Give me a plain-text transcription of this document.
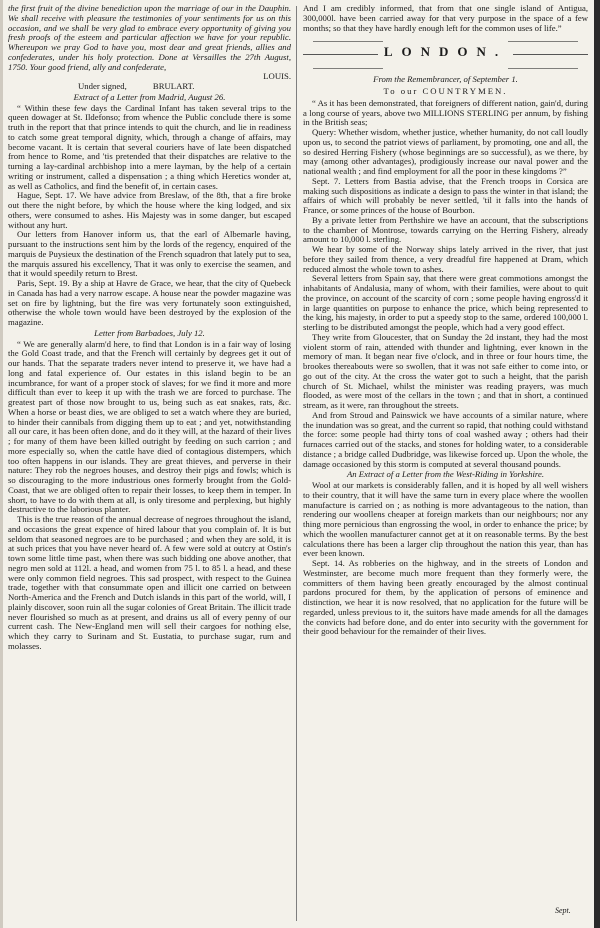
the first fruit of the divine benediction upon the marriage of our in the Dauphin. We shall receive with pleasure the testimonies of your sentiments for us on this occasion, and we shall be very glad to embrace every opportunity of giving you fresh proofs of the esteem and particular affection we have for your republic. Whereupon we pray God to have you, most dear and great friends, allies and confederates, under his holy protection. Done at Versailles the 27th August, 1750. Your good friend, ally and confederate,

LOUIS.

Under signed,	BRULART.

Extract of a Letter from Madrid, August 26.

“ Within these few days the Cardinal Infant has taken several trips to the queen dowager at St. Ildefonso; from whence the Public conclude there is some truth in the report that that prince intends to quit the church, and lie in readiness to catch some great temporal dignity, which, through a change of affairs, may become vacant. It is certain that several couriers have of late been dispatched from hence to Rome, and 'tis pretended that their dispatches are relative to the turning a lay-cardinal archbishop into a mere layman, by the help of a certain writing or instrument, called a dispensation ; a thing which Heretics wonder at, as well as Catholics, and find the benefit of, in certain cases.

Hague, Sept. 17. We have advice from Breslaw, of the 8th, that a fire broke out there the night before, by which the house where the king lodged, and six others, were consumed to ashes. His Majesty was in some danger, but escaped without any hurt.

Our letters from Hanover inform us, that the earl of Albemarle having, pursuant to the instructions sent him by the lords of the regency, enquired of the marquis de Puysieux the destination of the French squadron that lately put to sea, the marquis assured his excellency, That it was only to exercise the seamen, and that it would speedily return to Brest.

Paris, Sept. 19. By a ship at Havre de Grace, we hear, that the city of Quebeck in Canada has had a very narrow escape. A house near the powder magazine was set on fire by lightning, but the fire was very fortunately soon extinguished, otherwise the whole town would have been destroyed by the explosion of the magazine.

Letter from Barbadoes, July 12.

“ We are generally alarm'd here, to find that London is in a fair way of losing the Gold Coast trade, and that the French will certainly by degrees get it out of our hands. That the separate traders never intend to preserve it, we have had a long and fatal experience of. Our estates in this island begin to be an incumbrance, for want of a proper stock of slaves; for we find it more and more difficult than ever to keep it up with the trash we are forced to purchase. The greatest part of those now brought to us, being such as eat snakes, rats, &c. When a horse or beast dies, we are obliged to set a watch where they are buried, to hinder their cannibals from digging them up to eat ; and yet, notwithstanding all our care, it has been often done, and do it they will, at the hazard of their lives ; for many of them have been killed outright by feeding on such carrion ; and more especially so, when the cattle have died of contagious distempers, which too often happens in our islands. They are great thieves, and perverse in their nature: They rob the negroes houses, and destroy their pigs and fowls; which is so discouraging to the more industrious ones formerly brought from the Gold-Coast, that we are obliged often to repair their losses, to keep them in temper. In short, to have to do with them at all, is only tiresome and perplexing, but highly destructive to the laborious planter.

This is the true reason of the annual decrease of negroes throughout the island, and occasions the great expence of hired labour that you complain of. It is but seldom that seasoned negroes are to be purchased ; and when they are sold, it is at such prices that you have never heard of. A few were sold at outcry at Ostin's town some little time past, when there was such bidding one above another, that negro men sold at 112l. a head, and women from 75 l. to 85 l. a head, and these were only common field negroes. This sad prospect, with respect to the Guinea trade, together with that consummate open and illicit one carried on between North-America and the French and Dutch islands in this part of the world, will, I plainly discover, soon ruin all the sugar colonies of Great Britain. The illicit trade never flourished so much as at present, and drains us all of every penny of our current cash. The New-England men will sell their cargoes for nothing else, which they carry to Surinam and St. Eustatia, to purchase sugar, rum and molasses.

And I am credibly informed, that from that one single island of Antigua, 300,000l. have been carried away for that very purpose in the space of a few months; so that they have hardly enough left for the common uses of life.”

LONDON.

From the Remembrancer, of September 1.

To our COUNTRYMEN.

“ As it has been demonstrated, that foreigners of different nation, gain'd, during a long course of years, above two MILLIONS STERLING per annum, by fishing in the British seas;

Query: Whether wisdom, whether justice, whether humanity, do not call loudly upon us, to second the patriot views of parliament, by promoting, one and all, the so desired Herring Fishery (whose beginnings are so successful), as we there, by may (among other advantages), prodigiously increase our naval power and the national wealth ; and find employment for all the poor in these kingdoms ?”

Sept. 7. Letters from Bastia advise, that the French troops in Corsica are making such dispositions as indicate a design to pass the winter in that island; the affairs of which will probably be never settled, 'til it falls into the hands of France, or some princes of the house of Bourbon.

By a private letter from Perthshire we have an account, that the subscriptions to the chamber of Montrose, towards carrying on the Herring Fishery, already amount to 10,000 l. sterling.

We hear by some of the Norway ships lately arrived in the river, that just before they sailed from thence, a very dreadful fire happened at Dram, which reduced almost the whole town to ashes.

Several letters from Spain say, that there were great commotions amongst the inhabitants of Andalusia, many of whom, with their families, were about to quit the province, on account of the scarcity of corn ; some people having engross'd it in large quantities on purpose to enhance the price, which being represented to the king, his majesty, in order to put a speedy stop to the same, ordered 100,000 l. sterling to be distributed amongst the people, which had a very good effect.

They write from Gloucester, that on Sunday the 2d instant, they had the most violent storm of rain, attended with thunder and lightning, ever known in the memory of man. It began near five o'clock, and in three or four hours time, the brookes thereabouts were so swollen, that it was not safe either to come into, or go out of the city. At the cross the water got to such a height, that the parish church of St. Michael, whilst the minister was reading prayers, was much flooded, as were most of the cellars in the town ; and that in short, a continued stream, as it were, ran throughout the streets.

And from Stroud and Painswick we have accounts of a similar nature, where the inundation was so great, and the current so rapid, that nothing could withstand the force: some people had thirty tons of coal washed away ; others had their furnaces carried out of the stacks, and stones for holding water, to a considerable distance ; a bridge called Dudbridge, was likewise forced up. Upon the whole, the damage occasioned by this storm is computed at several thousand pounds.

An Extract of a Letter from the West-Riding in Yorkshire.

Wool at our markets is considerably fallen, and it is hoped by all well wishers to their country, that it will have the same turn in every place where the woollen manufacture is carried on ; as nothing is more advantageous to the nation, than rendering our woollens cheaper at foreign markets than our neighbours; nor any thing more pernicious than engrossing the wool, in order to enhance the price; by which the woollen manufacturer cannot get at it on reasonable terms. By the best calculations there has been a larger clip throughout the nation this year, than has ever been known.

Sept. 14. As robberies on the highway, and in the streets of London and Westminster, are become much more frequent than they formerly were, the committers of them having been greatly encouraged by the almost continual pardons procured for them, by the application of persons of eminence and distinction, we hear it is now resolved, that no application for the future will be regarded, unless previous to it, the suitors have made amends for all the damages the convicts had before done, and do enter into security with the government for their good behaviour for the remainder of their lives.

Sept.
